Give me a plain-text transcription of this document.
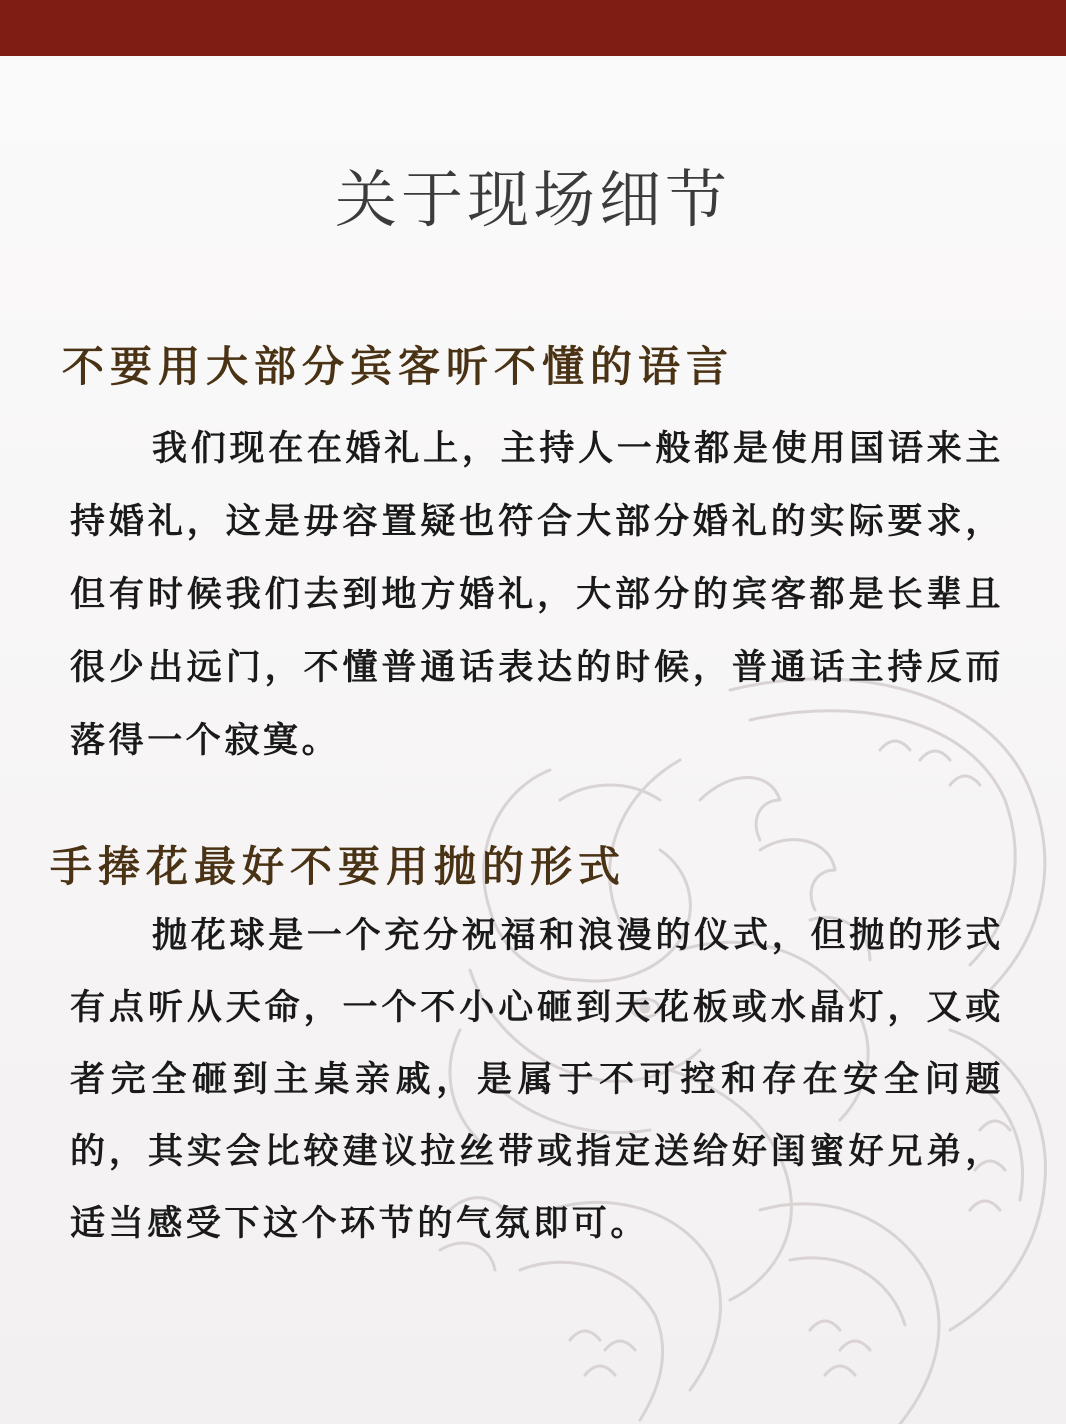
关于现场细节
不要用大部分宾客听不懂的语言

我们现在在婚礼上，主持人一般都是使用国语来主持婚礼，这是毋容置疑也符合大部分婚礼的实际要求，但有时候我们去到地方婚礼，大部分的宾客都是长辈且很少出远门，不懂普通话表达的时候，普通话主持反而落得一个寂寞。

手捧花最好不要用抛的形式

抛花球是一个充分祝福和浪漫的仪式，但抛的形式有点听从天命，一个不小心砸到天花板或水晶灯，又或者完全砸到主桌亲戚，是属于不可控和存在安全问题的，其实会比较建议拉丝带或指定送给好闺蜜好兄弟，适当感受下这个环节的气氛即可。
